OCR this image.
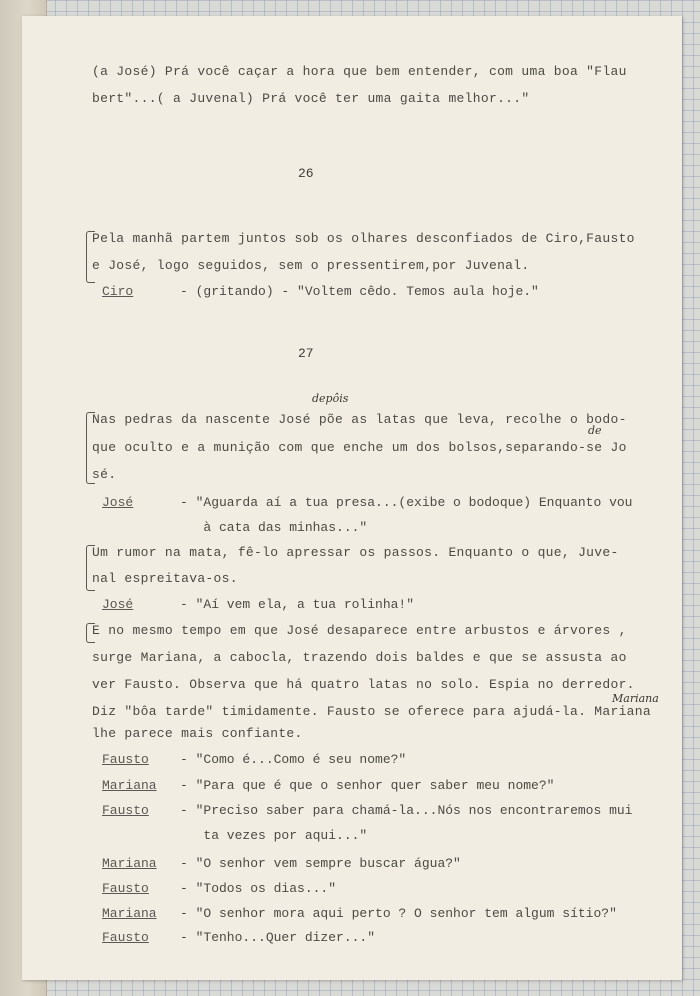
(a José) Prá você caçar a hora que bem entender, com uma boa "Flau
bert"...( a Juvenal) Prá você ter uma gaita melhor..."
26
Pela manhã partem juntos sob os olhares desconfiados de Ciro,Fausto
e José, logo seguidos, sem o pressentirem,por Juvenal.
Ciro	- (gritando) - "Voltem cêdo. Temos aula hoje."
27
depôis
Nas pedras da nascente José põe as latas que leva, recolhe o bodo-
de
que oculto e a munição com que enche um dos bolsos,separando-se Jo
sé.
José	- "Aguarda aí a tua presa...(exibe o bodoque) Enquanto vou
à cata das minhas..."
Um rumor na mata, fê-lo apressar os passos. Enquanto o que, Juve-
nal espreitava-os.
José	- "Aí vem ela, a tua rolinha!"
E no mesmo tempo em que José desaparece entre arbustos e árvores ,
surge Mariana, a cabocla, trazendo dois baldes e que se assusta ao
ver Fausto. Observa que há quatro latas no solo. Espia no derredor.
Diz "bôa tarde" timidamente. Fausto se oferece para ajudá-la. Mariana
Mariana
lhe parece mais confiante.
Fausto - "Como é...Como é seu nome?"
Mariana - "Para que é que o senhor quer saber meu nome?"
Fausto - "Preciso saber para chamá-la...Nós nos encontraremos mui
ta vezes por aqui..."
Mariana - "O senhor vem sempre buscar água?"
Fausto - "Todos os dias..."
Mariana - "O senhor mora aqui perto ? O senhor tem algum sítio?"
Fausto - "Tenho...Quer dizer..."
